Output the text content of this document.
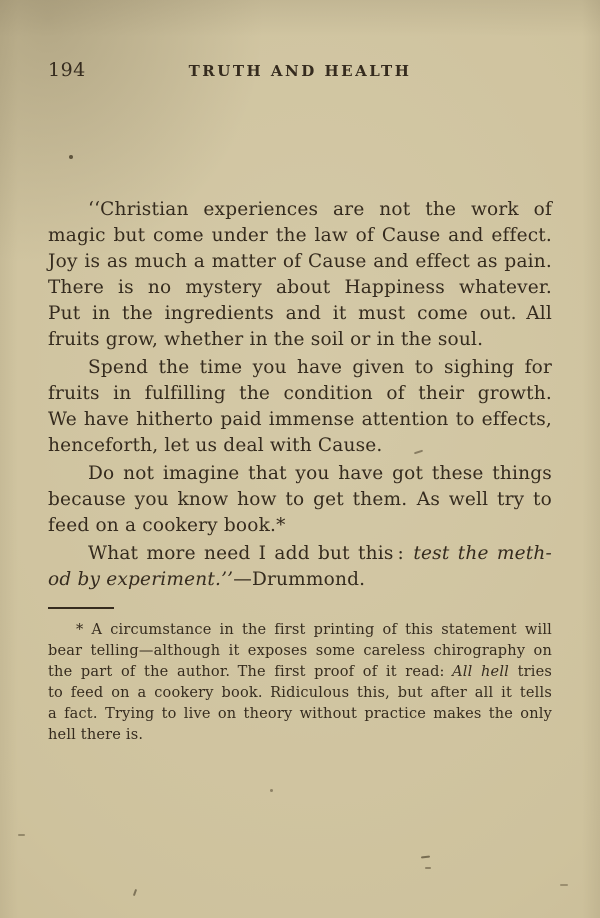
194	TRUTH AND HEALTH
‘‘Christian experiences are not the work of
magic but come under the law of Cause and effect.
Joy is as much a matter of Cause and effect as pain.
There is no mystery about Happiness whatever.
Put in the ingredients and it must come out. All
fruits grow, whether in the soil or in the soul.
Spend the time you have given to sighing for
fruits in fulfilling the condition of their growth.
We have hitherto paid immense attention to effects,
henceforth, let us deal with Cause.
Do not imagine that you have got these things
because you know how to get them. As well try to
feed on a cookery book.*
What more need I add but this : test the meth-
od by experiment.’’—Drummond.
* A circumstance in the first printing of this statement will
bear telling—although it exposes some careless chirography on
the part of the author. The first proof of it read: All hell tries
to feed on a cookery book. Ridiculous this, but after all it tells
a fact. Trying to live on theory without practice makes the only
hell there is.
